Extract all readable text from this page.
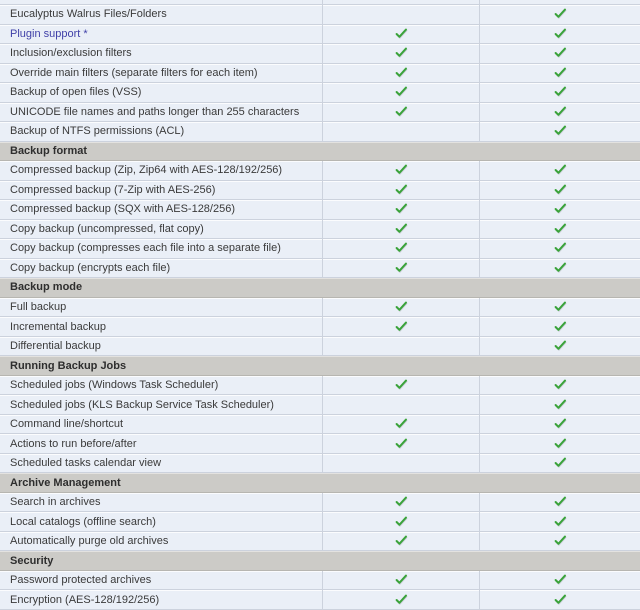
Eucalyptus Walrus Files/Folders
Plugin support *
Inclusion/exclusion filters
Override main filters (separate filters for each item)
Backup of open files (VSS)
UNICODE file names and paths longer than 255 characters
Backup of NTFS permissions (ACL)
Backup format
Compressed backup (Zip, Zip64 with AES-128/192/256)
Compressed backup (7-Zip with AES-256)
Compressed backup (SQX with AES-128/256)
Copy backup (uncompressed, flat copy)
Copy backup (compresses each file into a separate file)
Copy backup (encrypts each file)
Backup mode
Full backup
Incremental backup
Differential backup
Running Backup Jobs
Scheduled jobs (Windows Task Scheduler)
Scheduled jobs (KLS Backup Service Task Scheduler)
Command line/shortcut
Actions to run before/after
Scheduled tasks calendar view
Archive Management
Search in archives
Local catalogs (offline search)
Automatically purge old archives
Security
Password protected archives
Encryption (AES-128/192/256)
